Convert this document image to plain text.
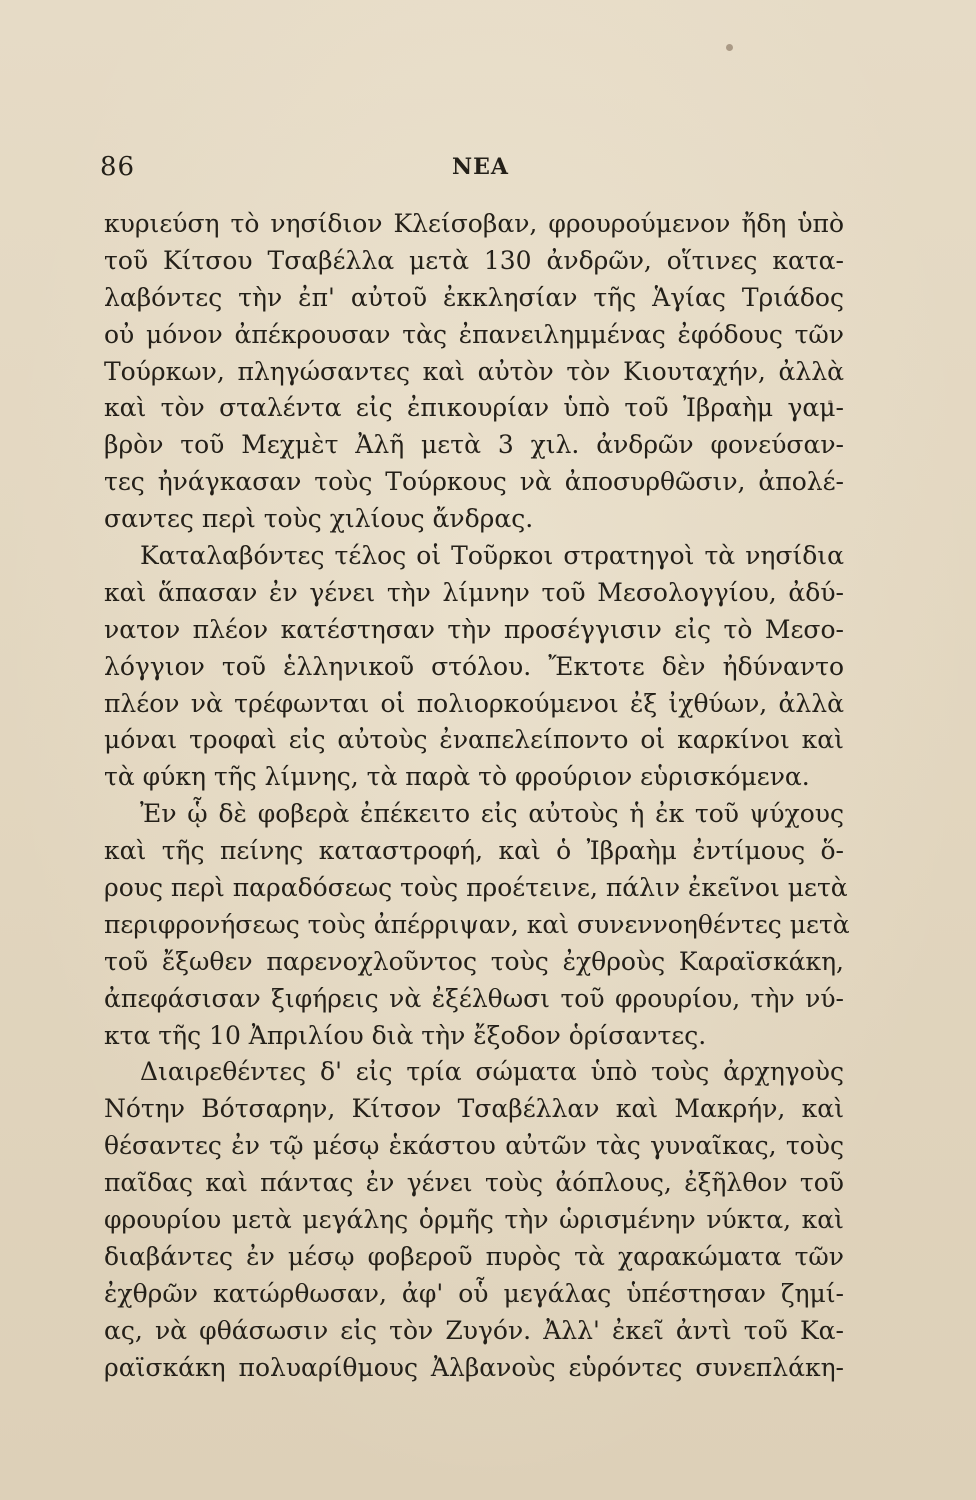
86	ΝΕΑ
κυριεύση τὸ νησίδιον Κλείσοβαν, φρουρούμενον ἤδη ὑπὸ
τοῦ Κίτσου Τσαβέλλα μετὰ 130 ἀνδρῶν, οἵτινες κατα-
λαβόντες τὴν ἐπ' αὐτοῦ ἐκκλησίαν τῆς Ἁγίας Τριάδος
οὐ μόνον ἀπέκρουσαν τὰς ἐπανειλημμένας ἐφόδους τῶν
Τούρκων, πληγώσαντες καὶ αὐτὸν τὸν Κιουταχήν, ἀλλὰ
καὶ τὸν σταλέντα εἰς ἐπικουρίαν ὑπὸ τοῦ Ἰβραὴμ γαμ-
βρὸν τοῦ Μεχμὲτ Ἀλῆ μετὰ 3 χιλ. ἀνδρῶν φονεύσαν-
τες ἠνάγκασαν τοὺς Τούρκους νὰ ἀποσυρθῶσιν, ἀπολέ-
σαντες περὶ τοὺς χιλίους ἄνδρας.
Καταλαβόντες τέλος οἱ Τοῦρκοι στρατηγοὶ τὰ νησίδια
καὶ ἅπασαν ἐν γένει τὴν λίμνην τοῦ Μεσολογγίου, ἀδύ-
νατον πλέον κατέστησαν τὴν προσέγγισιν εἰς τὸ Μεσο-
λόγγιον τοῦ ἑλληνικοῦ στόλου. Ἔκτοτε δὲν ἠδύναντο
πλέον νὰ τρέφωνται οἱ πολιορκούμενοι ἐξ ἰχθύων, ἀλλὰ
μόναι τροφαὶ εἰς αὐτοὺς ἐναπελείποντο οἱ καρκίνοι καὶ
τὰ φύκη τῆς λίμνης, τὰ παρὰ τὸ φρούριον εὑρισκόμενα.
Ἐν ᾧ δὲ φοβερὰ ἐπέκειτο εἰς αὐτοὺς ἡ ἐκ τοῦ ψύχους
καὶ τῆς πείνης καταστροφή, καὶ ὁ Ἰβραὴμ ἐντίμους ὅ-
ρους περὶ παραδόσεως τοὺς προέτεινε, πάλιν ἐκεῖνοι μετὰ
περιφρονήσεως τοὺς ἀπέρριψαν, καὶ συνεννοηθέντες μετὰ
τοῦ ἔξωθεν παρενοχλοῦντος τοὺς ἐχθροὺς Καραϊσκάκη,
ἀπεφάσισαν ξιφήρεις νὰ ἐξέλθωσι τοῦ φρουρίου, τὴν νύ-
κτα τῆς 10 Ἀπριλίου διὰ τὴν ἔξοδον ὁρίσαντες.
Διαιρεθέντες δ' εἰς τρία σώματα ὑπὸ τοὺς ἀρχηγοὺς
Νότην Βότσαρην, Κίτσον Τσαβέλλαν καὶ Μακρήν, καὶ
θέσαντες ἐν τῷ μέσῳ ἑκάστου αὐτῶν τὰς γυναῖκας, τοὺς
παῖδας καὶ πάντας ἐν γένει τοὺς ἀόπλους, ἐξῆλθον τοῦ
φρουρίου μετὰ μεγάλης ὁρμῆς τὴν ὡρισμένην νύκτα, καὶ
διαβάντες ἐν μέσῳ φοβεροῦ πυρὸς τὰ χαρακώματα τῶν
ἐχθρῶν κατώρθωσαν, ἀφ' οὗ μεγάλας ὑπέστησαν ζημί-
ας, νὰ φθάσωσιν εἰς τὸν Ζυγόν. Ἀλλ' ἐκεῖ ἀντὶ τοῦ Κα-
ραϊσκάκη πολυαρίθμους Ἀλβανοὺς εὑρόντες συνεπλάκη-
